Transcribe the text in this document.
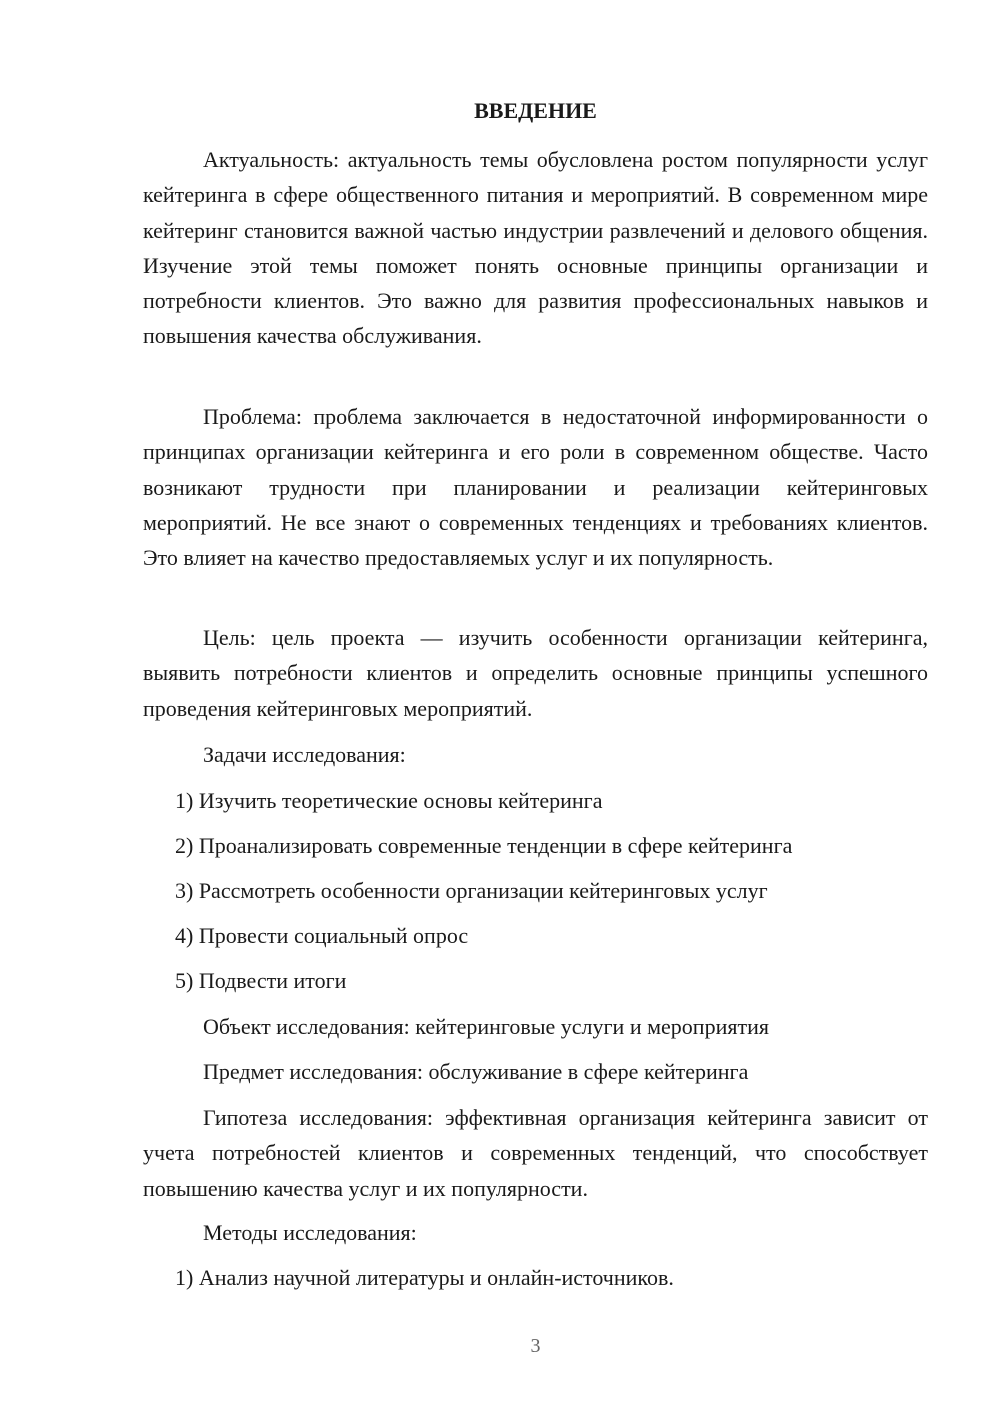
ВВЕДЕНИЕ

Актуальность: актуальность темы обусловлена ростом популярности услуг кейтеринга в сфере общественного питания и мероприятий. В современном мире кейтеринг становится важной частью индустрии развлечений и делового общения. Изучение этой темы поможет понять основные принципы организации и потребности клиентов. Это важно для развития профессиональных навыков и повышения качества обслуживания.

Проблема: проблема заключается в недостаточной информированности о принципах организации кейтеринга и его роли в современном обществе. Часто возникают трудности при планировании и реализации кейтеринговых мероприятий. Не все знают о современных тенденциях и требованиях клиентов. Это влияет на качество предоставляемых услуг и их популярность.

Цель: цель проекта — изучить особенности организации кейтеринга, выявить потребности клиентов и определить основные принципы успешного проведения кейтеринговых мероприятий.

Задачи исследования:

1) Изучить теоретические основы кейтеринга

2) Проанализировать современные тенденции в сфере кейтеринга

3) Рассмотреть особенности организации кейтеринговых услуг

4) Провести социальный опрос

5) Подвести итоги

Объект исследования: кейтеринговые услуги и мероприятия

Предмет исследования: обслуживание в сфере кейтеринга

Гипотеза исследования: эффективная организация кейтеринга зависит от учета потребностей клиентов и современных тенденций, что способствует повышению качества услуг и их популярности.

Методы исследования:

1) Анализ научной литературы и онлайн-источников.

3
